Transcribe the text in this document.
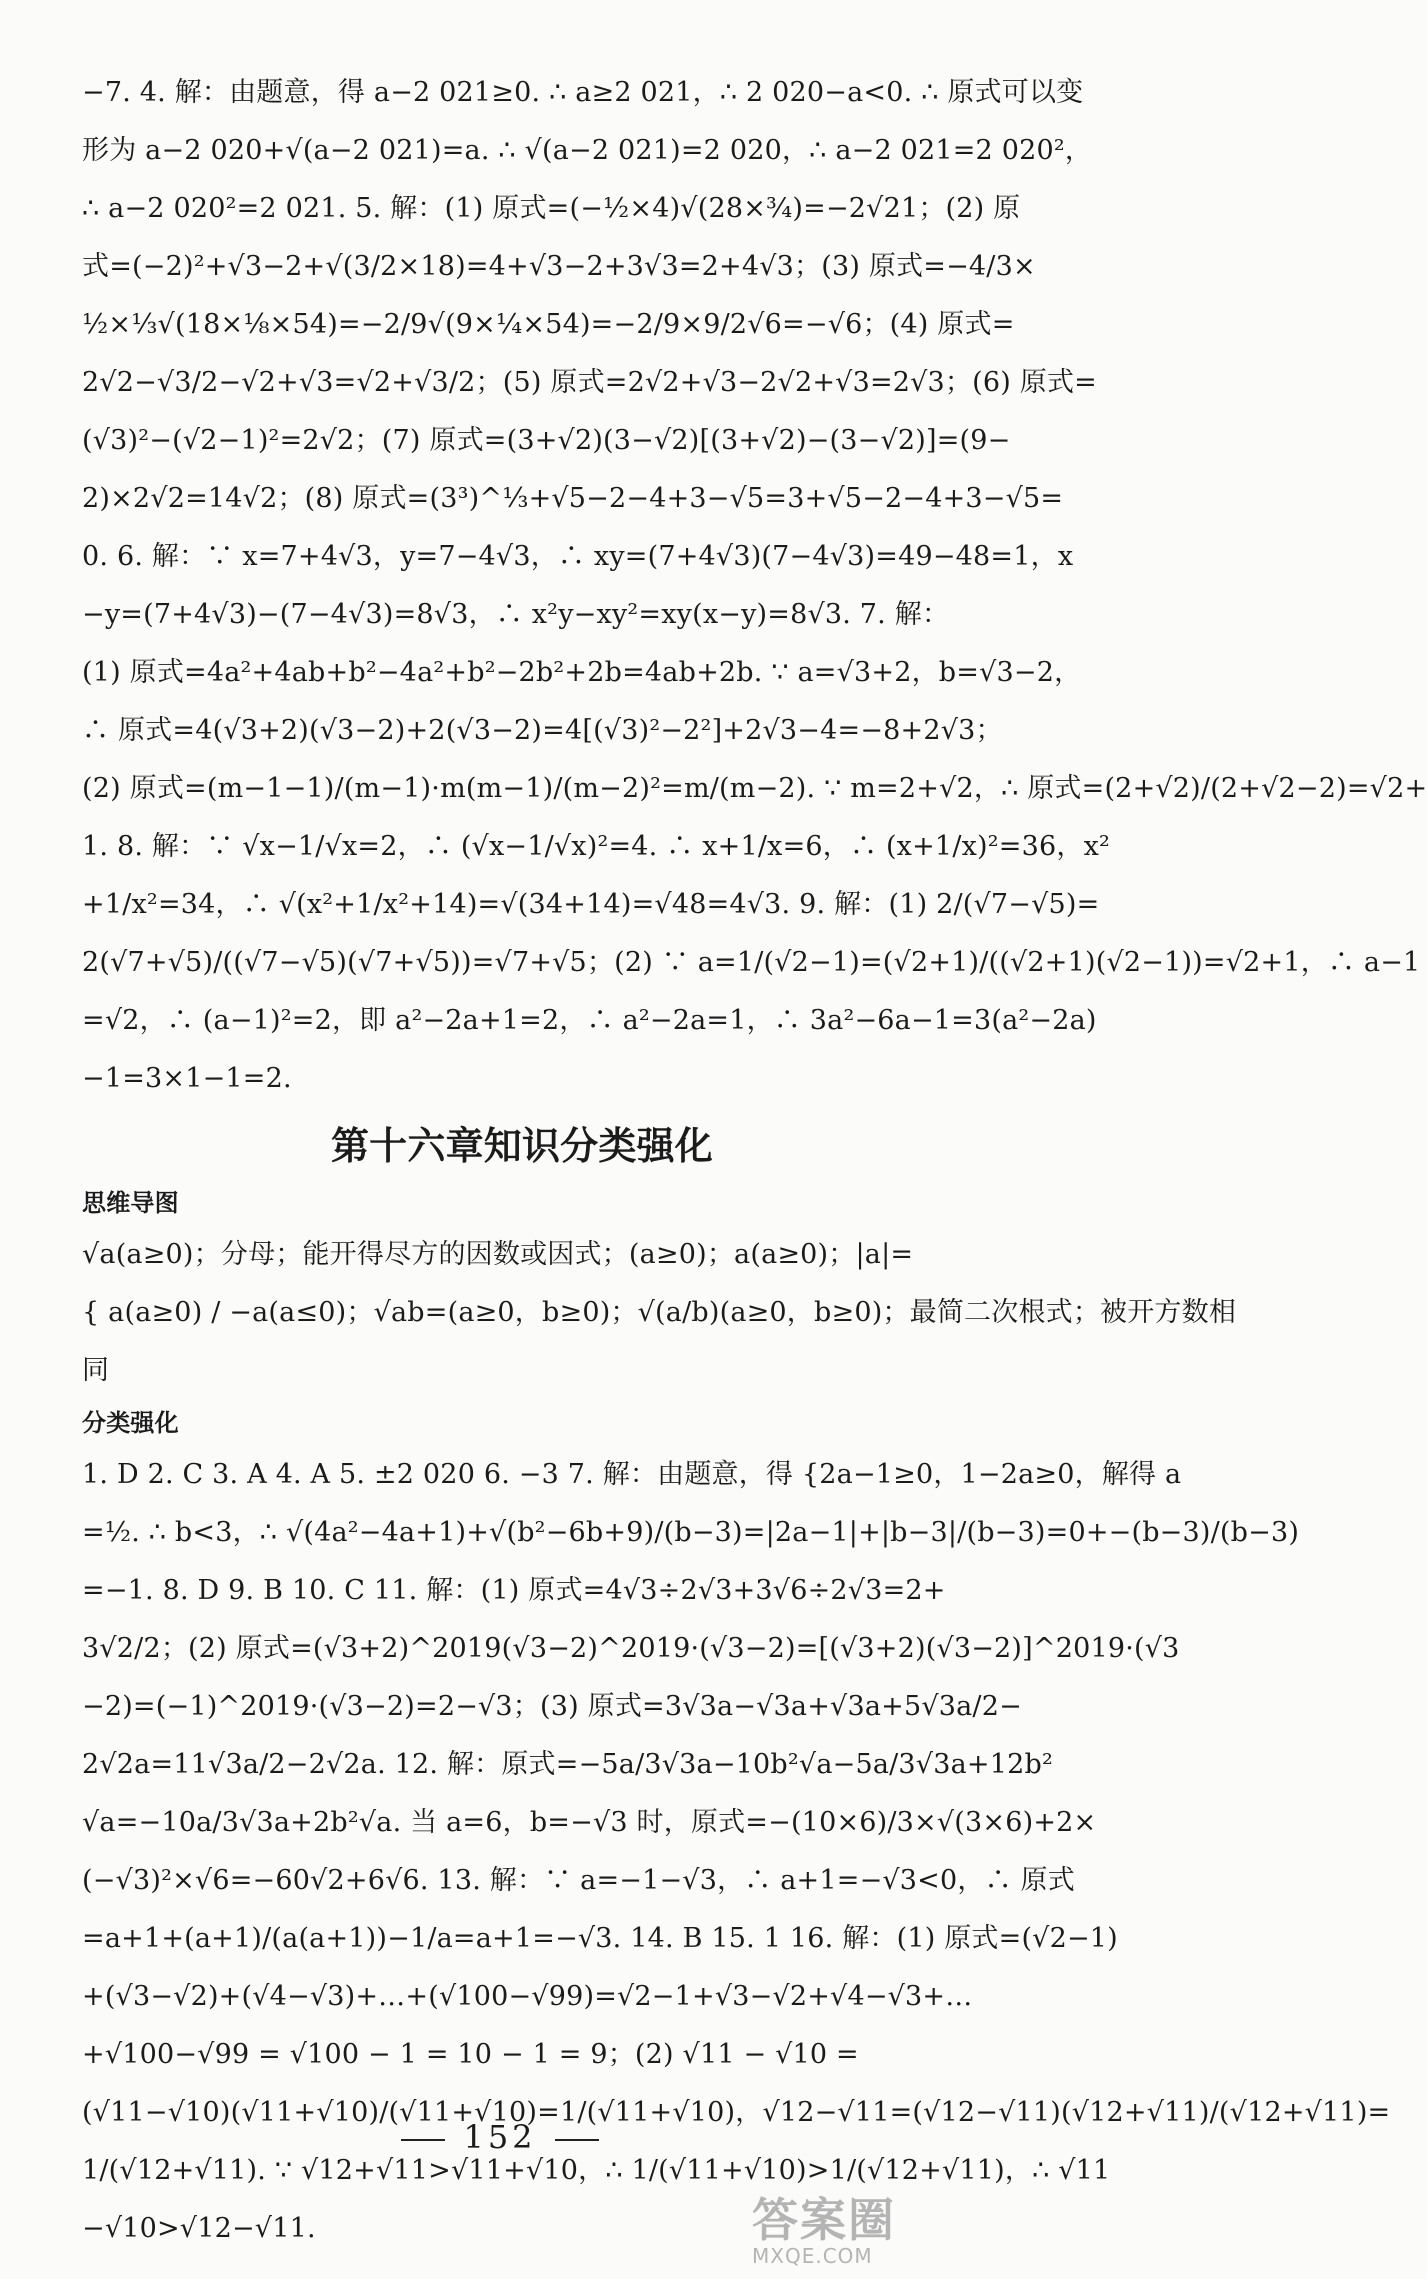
−7. 4. 解：由题意，得 a−2 021≥0. ∴ a≥2 021，∴ 2 020−a<0. ∴ 原式可以变
形为 a−2 020+√(a−2 021)=a. ∴ √(a−2 021)=2 020，∴ a−2 021=2 020²，
∴ a−2 020²=2 021. 5. 解：(1) 原式=(−½×4)√(28×¾)=−2√21；(2) 原
式=(−2)²+√3−2+√(3/2×18)=4+√3−2+3√3=2+4√3；(3) 原式=−4/3×
½×⅓√(18×⅛×54)=−2/9√(9×¼×54)=−2/9×9/2√6=−√6；(4) 原式=
2√2−√3/2−√2+√3=√2+√3/2；(5) 原式=2√2+√3−2√2+√3=2√3；(6) 原式=
(√3)²−(√2−1)²=2√2；(7) 原式=(3+√2)(3−√2)[(3+√2)−(3−√2)]=(9−
2)×2√2=14√2；(8) 原式=(3³)^⅓+√5−2−4+3−√5=3+√5−2−4+3−√5=
0. 6. 解：∵ x=7+4√3，y=7−4√3，∴ xy=(7+4√3)(7−4√3)=49−48=1，x
−y=(7+4√3)−(7−4√3)=8√3，∴ x²y−xy²=xy(x−y)=8√3. 7. 解：
(1) 原式=4a²+4ab+b²−4a²+b²−2b²+2b=4ab+2b. ∵ a=√3+2，b=√3−2，
∴ 原式=4(√3+2)(√3−2)+2(√3−2)=4[(√3)²−2²]+2√3−4=−8+2√3；
(2) 原式=(m−1−1)/(m−1)·m(m−1)/(m−2)²=m/(m−2). ∵ m=2+√2，∴ 原式=(2+√2)/(2+√2−2)=√2+
1. 8. 解：∵ √x−1/√x=2，∴ (√x−1/√x)²=4. ∴ x+1/x=6，∴ (x+1/x)²=36，x²
+1/x²=34，∴ √(x²+1/x²+14)=√(34+14)=√48=4√3. 9. 解：(1) 2/(√7−√5)=
2(√7+√5)/((√7−√5)(√7+√5))=√7+√5；(2) ∵ a=1/(√2−1)=(√2+1)/((√2+1)(√2−1))=√2+1，∴ a−1
=√2，∴ (a−1)²=2，即 a²−2a+1=2，∴ a²−2a=1，∴ 3a²−6a−1=3(a²−2a)
−1=3×1−1=2.
第十六章知识分类强化
思维导图
√a(a≥0)；分母；能开得尽方的因数或因式；(a≥0)；a(a≥0)；|a|=
{ a(a≥0) / −a(a≤0)；√ab=(a≥0，b≥0)；√(a/b)(a≥0，b≥0)；最简二次根式；被开方数相
同
分类强化
1. D 2. C 3. A 4. A 5. ±2 020 6. −3 7. 解：由题意，得 {2a−1≥0，1−2a≥0，解得 a
=½. ∴ b<3，∴ √(4a²−4a+1)+√(b²−6b+9)/(b−3)=|2a−1|+|b−3|/(b−3)=0+−(b−3)/(b−3)
=−1. 8. D 9. B 10. C 11. 解：(1) 原式=4√3÷2√3+3√6÷2√3=2+
3√2/2；(2) 原式=(√3+2)^2019(√3−2)^2019·(√3−2)=[(√3+2)(√3−2)]^2019·(√3
−2)=(−1)^2019·(√3−2)=2−√3；(3) 原式=3√3a−√3a+√3a+5√3a/2−
2√2a=11√3a/2−2√2a. 12. 解：原式=−5a/3√3a−10b²√a−5a/3√3a+12b²
√a=−10a/3√3a+2b²√a. 当 a=6，b=−√3 时，原式=−(10×6)/3×√(3×6)+2×
(−√3)²×√6=−60√2+6√6. 13. 解：∵ a=−1−√3，∴ a+1=−√3<0，∴ 原式
=a+1+(a+1)/(a(a+1))−1/a=a+1=−√3. 14. B 15. 1 16. 解：(1) 原式=(√2−1)
+(√3−√2)+(√4−√3)+…+(√100−√99)=√2−1+√3−√2+√4−√3+…
+√100−√99 = √100 − 1 = 10 − 1 = 9；(2) √11 − √10 =
(√11−√10)(√11+√10)/(√11+√10)=1/(√11+√10)，√12−√11=(√12−√11)(√12+√11)/(√12+√11)=
1/(√12+√11). ∵ √12+√11>√11+√10，∴ 1/(√11+√10)>1/(√12+√11)，∴ √11
−√10>√12−√11.
152
答案圈
MXQE.COM
